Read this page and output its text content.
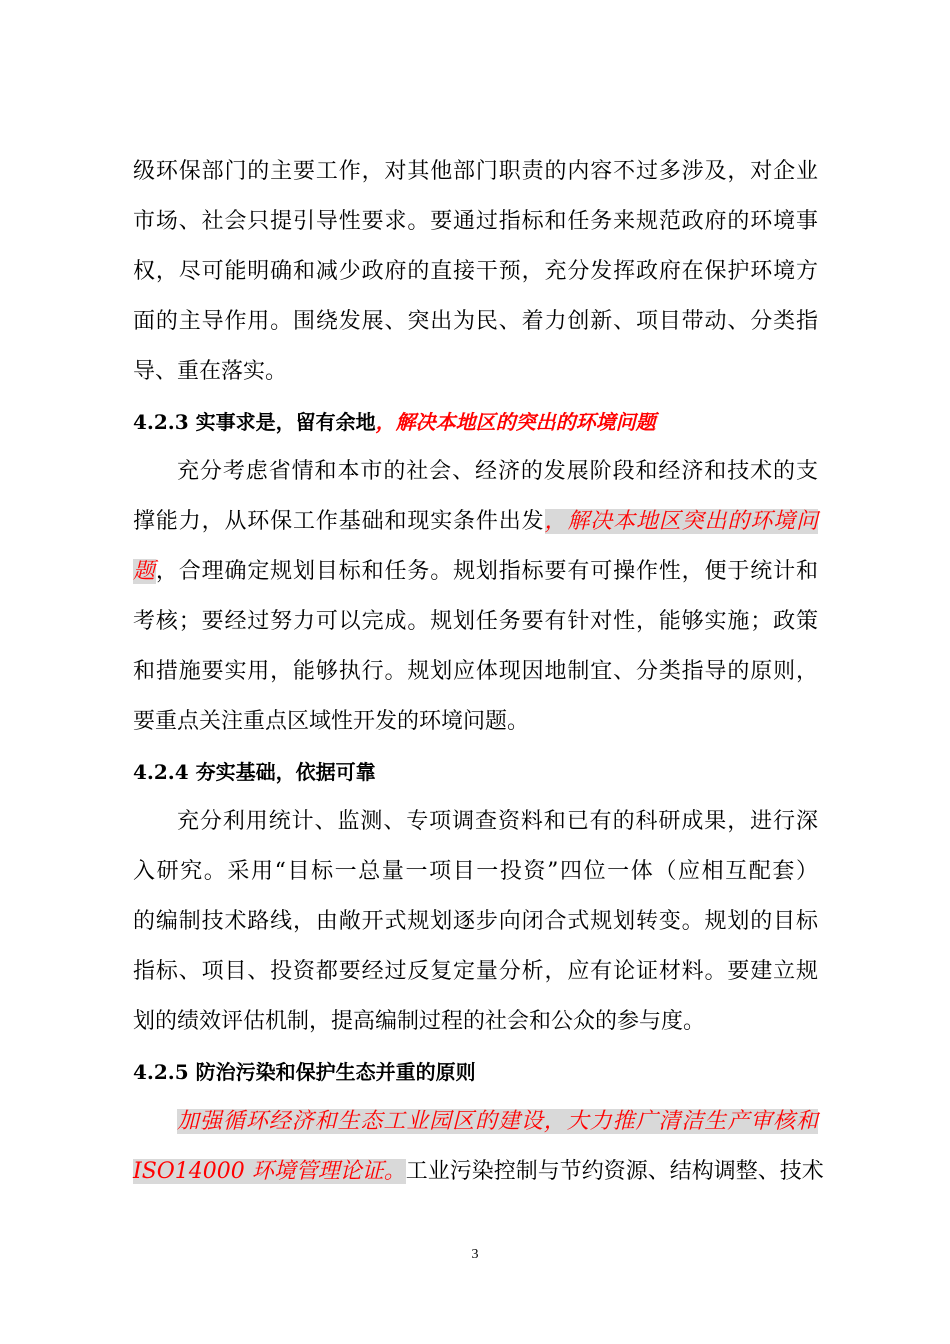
级环保部门的主要工作，对其他部门职责的内容不过多涉及，对企业
市场、社会只提引导性要求。要通过指标和任务来规范政府的环境事
权，尽可能明确和减少政府的直接干预，充分发挥政府在保护环境方
面的主导作用。围绕发展、突出为民、着力创新、项目带动、分类指
导、重在落实。
4.2.3 实事求是，留有余地，解决本地区的突出的环境问题
充分考虑省情和本市的社会、经济的发展阶段和经济和技术的支
撑能力，从环保工作基础和现实条件出发，解决本地区突出的环境问
题，合理确定规划目标和任务。规划指标要有可操作性，便于统计和
考核；要经过努力可以完成。规划任务要有针对性，能够实施；政策
和措施要实用，能够执行。规划应体现因地制宜、分类指导的原则，
要重点关注重点区域性开发的环境问题。
4.2.4 夯实基础，依据可靠
充分利用统计、监测、专项调查资料和已有的科研成果，进行深
入研究。采用“目标一总量一项目一投资”四位一体（应相互配套）
的编制技术路线，由敞开式规划逐步向闭合式规划转变。规划的目标
指标、项目、投资都要经过反复定量分析，应有论证材料。要建立规
划的绩效评估机制，提高编制过程的社会和公众的参与度。
4.2.5 防治污染和保护生态并重的原则
加强循环经济和生态工业园区的建设，大力推广清洁生产审核和
ISO14000 环境管理论证。工业污染控制与节约资源、结构调整、技术
3
